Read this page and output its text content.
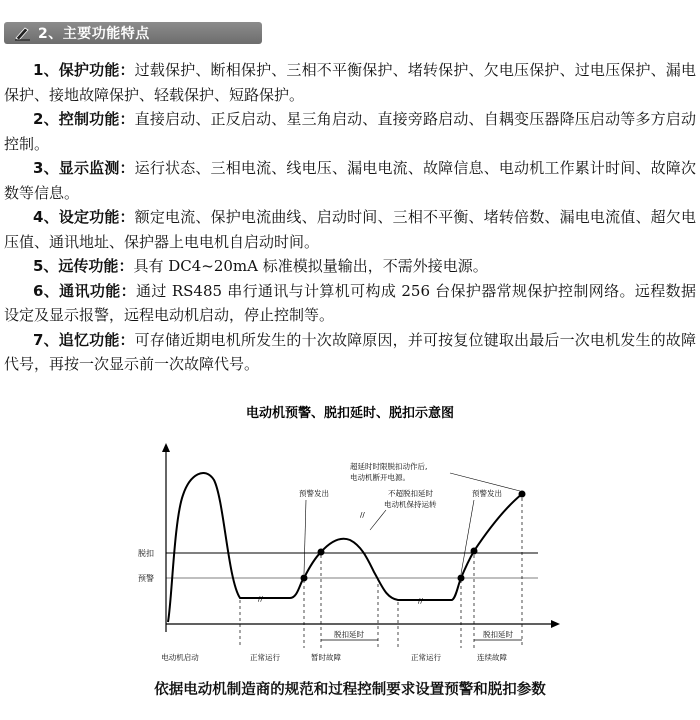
2、主要功能特点

1、保护功能：过载保护、断相保护、三相不平衡保护、堵转保护、欠电压保护、过电压保护、漏电保护、接地故障保护、轻载保护、短路保护。

2、控制功能：直接启动、正反启动、星三角启动、直接旁路启动、自耦变压器降压启动等多方启动控制。

3、显示监测：运行状态、三相电流、线电压、漏电电流、故障信息、电动机工作累计时间、故障次数等信息。

4、设定功能：额定电流、保护电流曲线、启动时间、三相不平衡、堵转倍数、漏电电流值、超欠电压值、通讯地址、保护器上电电机自启动时间。

5、远传功能：具有 DC4~20mA 标准模拟量输出，不需外接电源。

6、通讯功能：通过 RS485 串行通讯与计算机可构成 256 台保护器常规保护控制网络。远程数据设定及显示报警，远程电动机启动，停止控制等。

7、追忆功能：可存储近期电机所发生的十次故障原因，并可按复位键取出最后一次电机发生的故障代号，再按一次显示前一次故障代号。

电动机预警、脱扣延时、脱扣示意图
脱扣
预警
//	//
预警发出	不超脱扣延时
电动机保持运转
//
预警发出
超延时时限脱扣动作后,
电动机断开电源。
脱扣延时	脱扣延时
电动机启动	正常运行	暂时故障	正常运行	连续故障
依据电动机制造商的规范和过程控制要求设置预警和脱扣参数
